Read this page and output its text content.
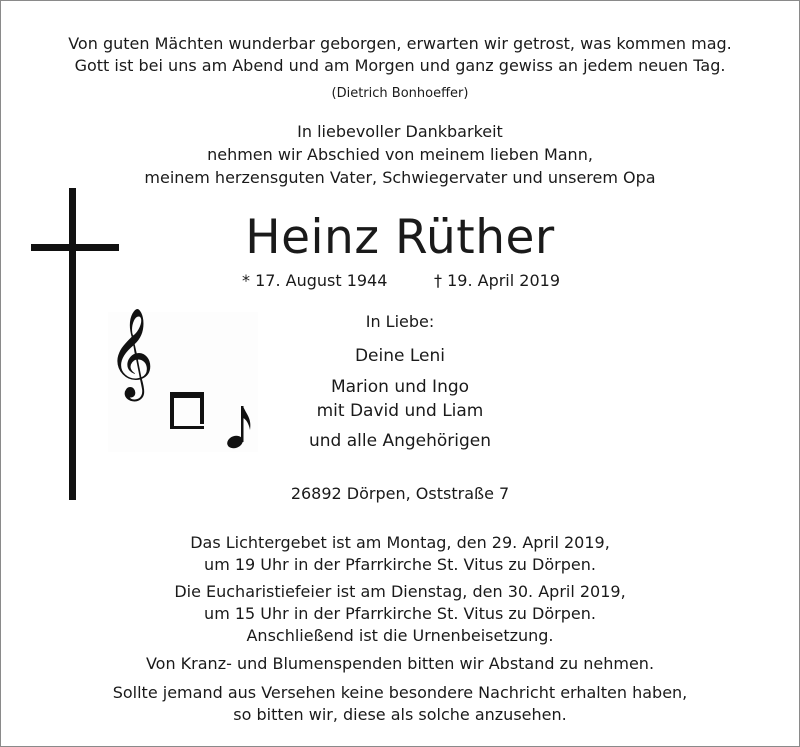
Von guten Mächten wunderbar geborgen, erwarten wir getrost, was kommen mag.
Gott ist bei uns am Abend und am Morgen und ganz gewiss an jedem neuen Tag.
(Dietrich Bonhoeffer)
In liebevoller Dankbarkeit
nehmen wir Abschied von meinem lieben Mann,
meinem herzensguten Vater, Schwiegervater und unserem Opa
Heinz Rüther
* 17. August 1944	† 19. April 2019
𝄞	In Liebe:
Deine Leni
Marion und Ingo
mit David und Liam
und alle Angehörigen
26892 Dörpen, Oststraße 7
Das Lichtergebet ist am Montag, den 29. April 2019,
um 19 Uhr in der Pfarrkirche St. Vitus zu Dörpen.
Die Eucharistiefeier ist am Dienstag, den 30. April 2019,
um 15 Uhr in der Pfarrkirche St. Vitus zu Dörpen.
Anschließend ist die Urnenbeisetzung.
Von Kranz- und Blumenspenden bitten wir Abstand zu nehmen.
Sollte jemand aus Versehen keine besondere Nachricht erhalten haben,
so bitten wir, diese als solche anzusehen.
